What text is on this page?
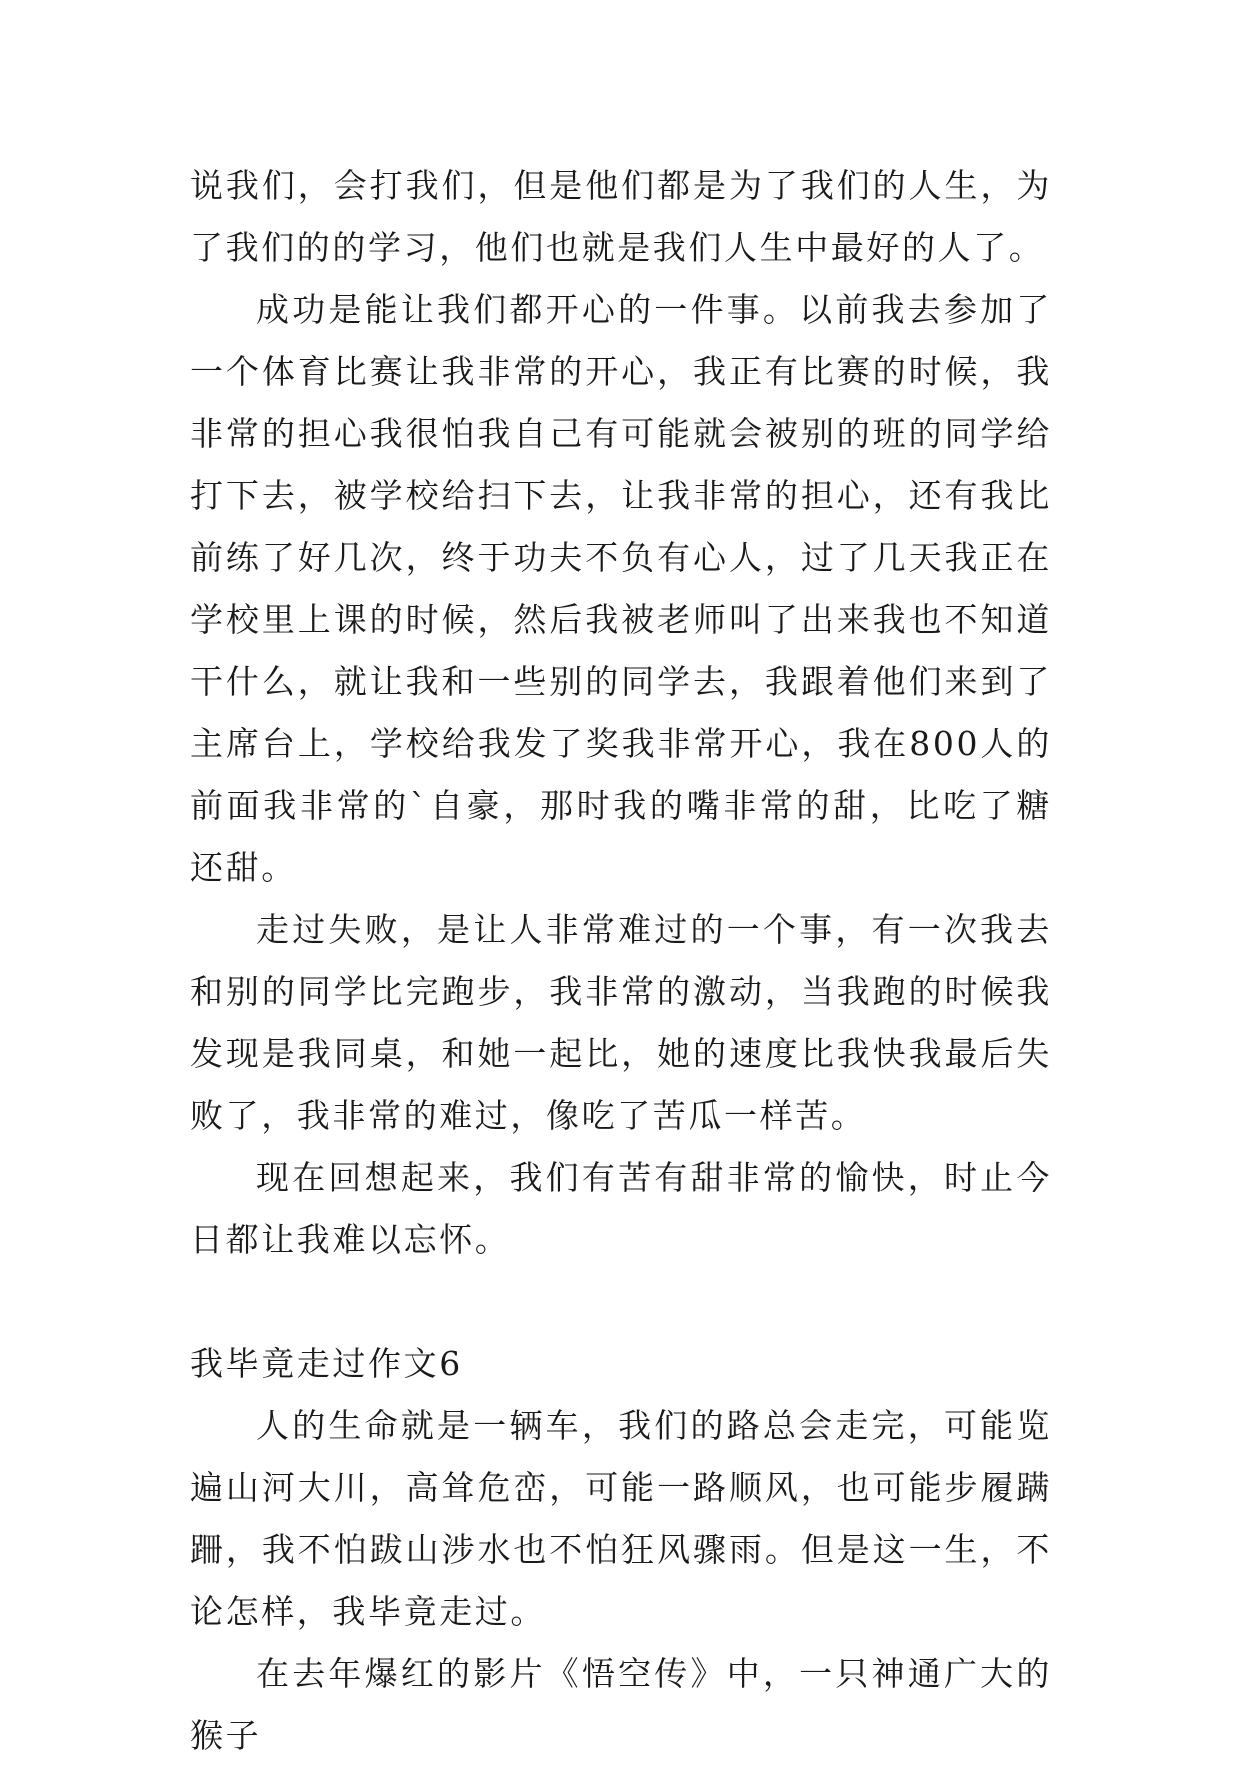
说我们，会打我们，但是他们都是为了我们的人生，为了我们的的学习，他们也就是我们人生中最好的人了。

成功是能让我们都开心的一件事。以前我去参加了一个体育比赛让我非常的开心，我正有比赛的时候，我非常的担心我很怕我自己有可能就会被别的班的同学给打下去，被学校给扫下去，让我非常的担心，还有我比前练了好几次，终于功夫不负有心人，过了几天我正在学校里上课的时候，然后我被老师叫了出来我也不知道干什么，就让我和一些别的同学去，我跟着他们来到了主席台上，学校给我发了奖我非常开心，我在800人的前面我非常的`自豪，那时我的嘴非常的甜，比吃了糖还甜。

走过失败，是让人非常难过的一个事，有一次我去和别的同学比完跑步，我非常的激动，当我跑的时候我发现是我同桌，和她一起比，她的速度比我快我最后失败了，我非常的难过，像吃了苦瓜一样苦。

现在回想起来，我们有苦有甜非常的愉快，时止今日都让我难以忘怀。

我毕竟走过作文6

人的生命就是一辆车，我们的路总会走完，可能览遍山河大川，高耸危峦，可能一路顺风，也可能步履蹒跚，我不怕跋山涉水也不怕狂风骤雨。但是这一生，不论怎样，我毕竟走过。

在去年爆红的影片《悟空传》中，一只神通广大的猴子
